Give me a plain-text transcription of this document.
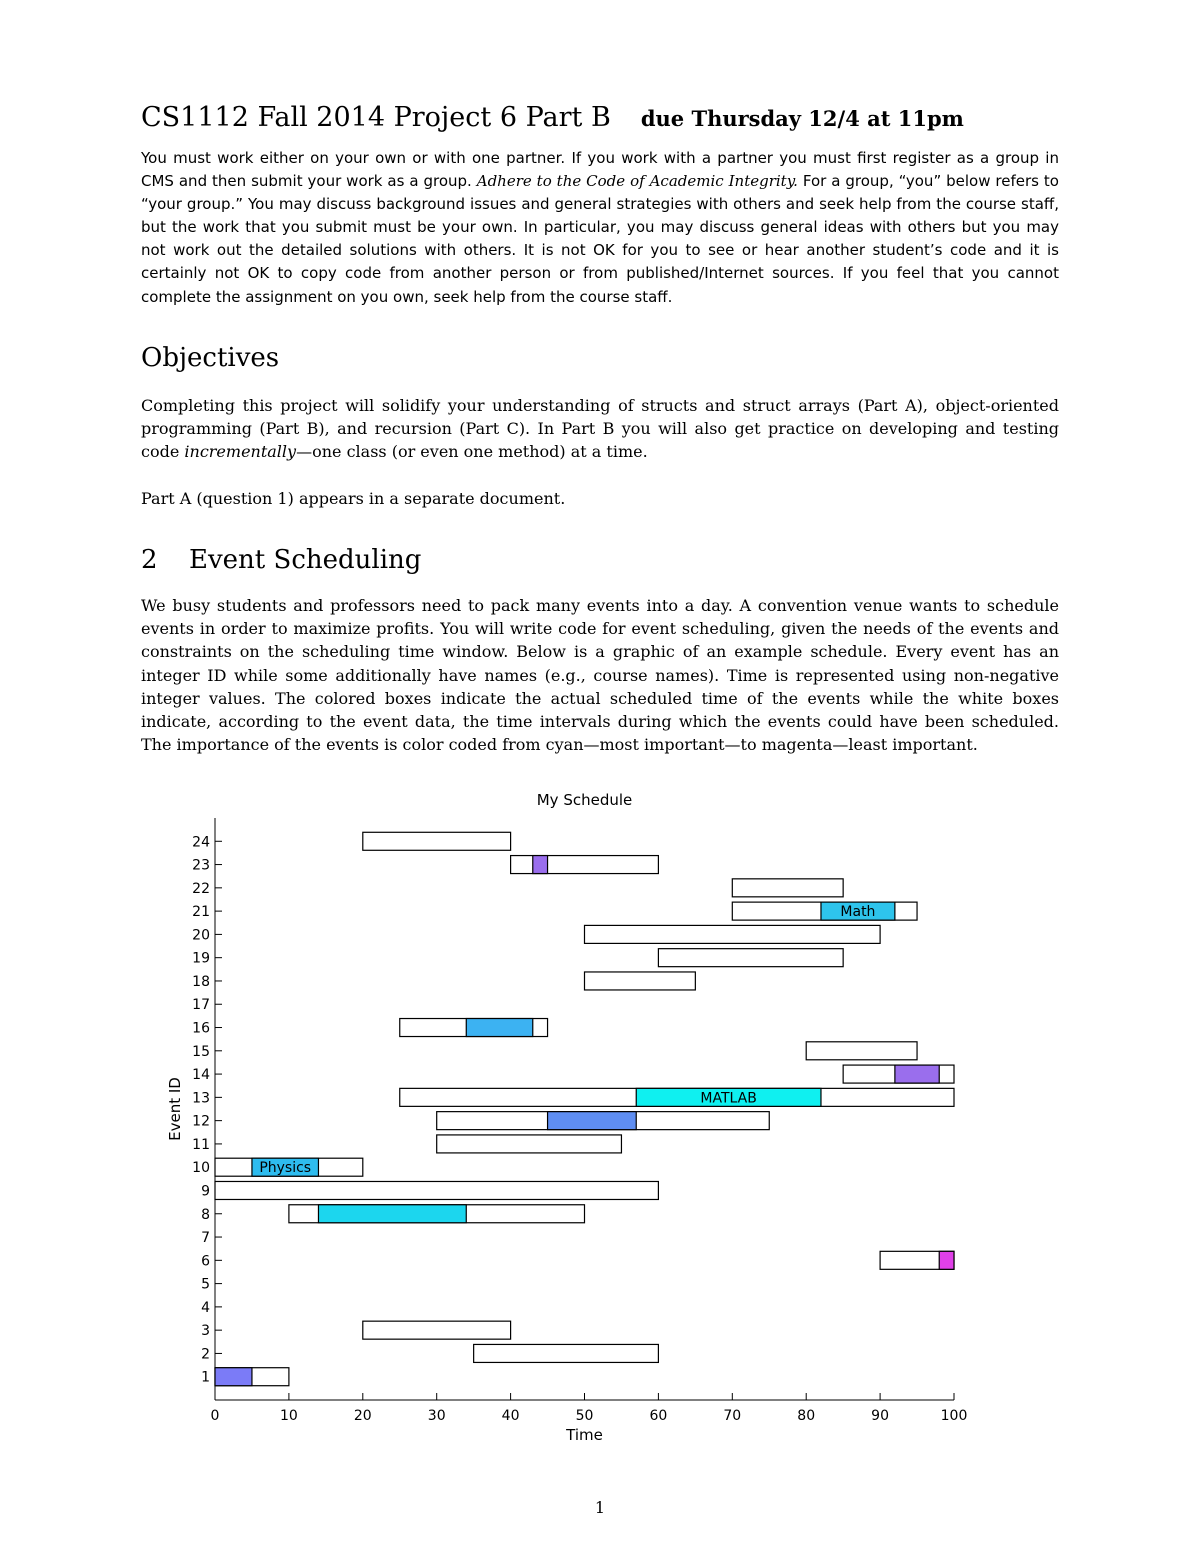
CS1112 Fall 2014 Project 6 Part B due Thursday 12/4 at 11pm

You must work either on your own or with one partner. If you work with a partner you must first register as a group in CMS and then submit your work as a group. Adhere to the Code of Academic Integrity. For a group, “you” below refers to “your group.” You may discuss background issues and general strategies with others and seek help from the course staff, but the work that you submit must be your own. In particular, you may discuss general ideas with others but you may not work out the detailed solutions with others. It is not OK for you to see or hear another student’s code and it is certainly not OK to copy code from another person or from published/Internet sources. If you feel that you cannot complete the assignment on you own, seek help from the course staff.

Objectives

Completing this project will solidify your understanding of structs and struct arrays (Part A), object-oriented programming (Part B), and recursion (Part C). In Part B you will also get practice on developing and testing code incrementally—one class (or even one method) at a time.

Part A (question 1) appears in a separate document.

2 Event Scheduling

We busy students and professors need to pack many events into a day. A convention venue wants to schedule events in order to maximize profits. You will write code for event scheduling, given the needs of the events and constraints on the scheduling time window. Below is a graphic of an example schedule. Every event has an integer ID while some additionally have names (e.g., course names). Time is represented using non-negative integer values. The colored boxes indicate the actual scheduled time of the events while the white boxes indicate, according to the event data, the time intervals during which the events could have been scheduled. The importance of the events is color coded from cyan—most important—to magenta—least important.

My Schedule
0	10	20	30	40	50	60	70	80	90	100
1
2
3
4
5
6
7
8
9
10
11
12
13
14
15
16
17
18
19
20
21
22
23
24
Time
Event ID
Physics
MATLAB
Math
1
